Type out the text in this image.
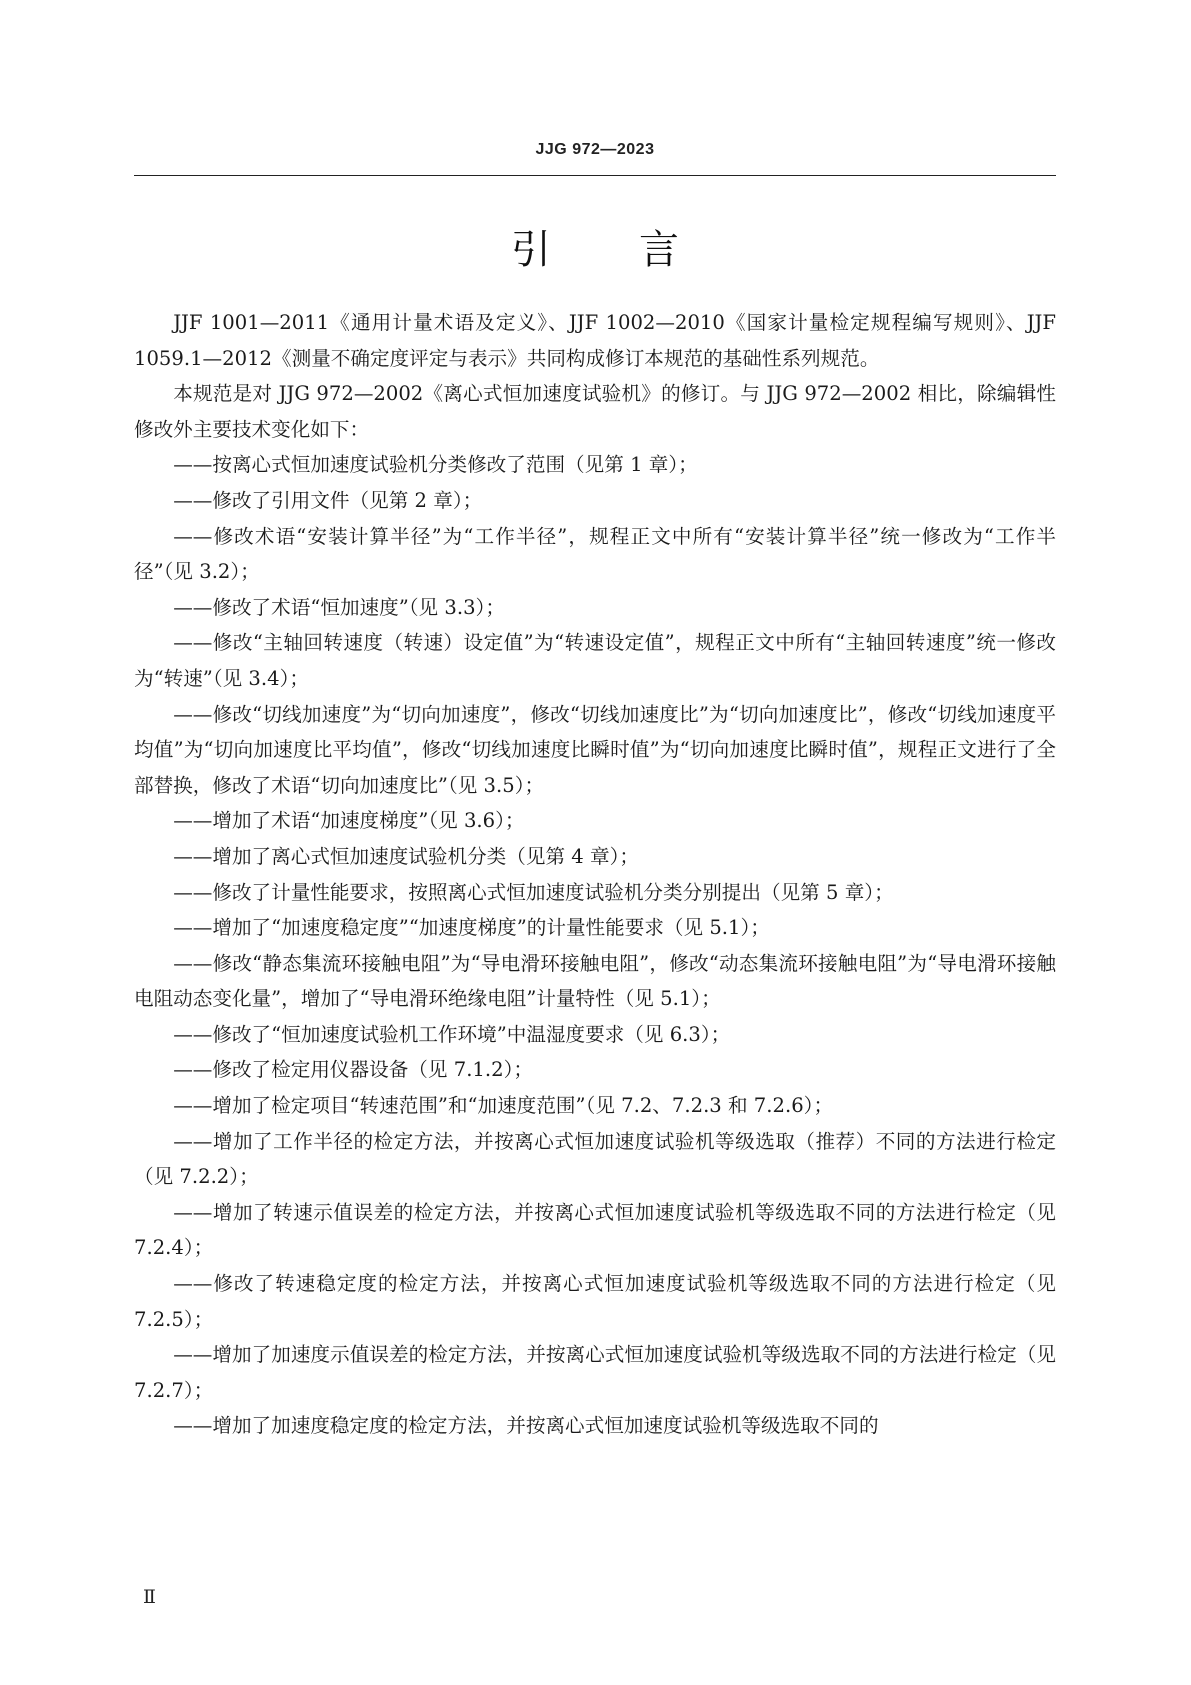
JJG 972—2023
引言

JJF 1001—2011《通用计量术语及定义》、JJF 1002—2010《国家计量检定规程编写规则》、JJF 1059.1—2012《测量不确定度评定与表示》共同构成修订本规范的基础性系列规范。

本规范是对 JJG 972—2002《离心式恒加速度试验机》的修订。与 JJG 972—2002 相比，除编辑性修改外主要技术变化如下：

——按离心式恒加速度试验机分类修改了范围（见第 1 章）；

——修改了引用文件（见第 2 章）；

——修改术语“安装计算半径”为“工作半径”，规程正文中所有“安装计算半径”统一修改为“工作半径”（见 3.2）；

——修改了术语“恒加速度”（见 3.3）；

——修改“主轴回转速度（转速）设定值”为“转速设定值”，规程正文中所有“主轴回转速度”统一修改为“转速”（见 3.4）；

——修改“切线加速度”为“切向加速度”，修改“切线加速度比”为“切向加速度比”，修改“切线加速度平均值”为“切向加速度比平均值”，修改“切线加速度比瞬时值”为“切向加速度比瞬时值”，规程正文进行了全部替换，修改了术语“切向加速度比”（见 3.5）；

——增加了术语“加速度梯度”（见 3.6）；

——增加了离心式恒加速度试验机分类（见第 4 章）；

——修改了计量性能要求，按照离心式恒加速度试验机分类分别提出（见第 5 章）；

——增加了“加速度稳定度”“加速度梯度”的计量性能要求（见 5.1）；

——修改“静态集流环接触电阻”为“导电滑环接触电阻”，修改“动态集流环接触电阻”为“导电滑环接触电阻动态变化量”，增加了“导电滑环绝缘电阻”计量特性（见 5.1）；

——修改了“恒加速度试验机工作环境”中温湿度要求（见 6.3）；

——修改了检定用仪器设备（见 7.1.2）；

——增加了检定项目“转速范围”和“加速度范围”（见 7.2、7.2.3 和 7.2.6）；

——增加了工作半径的检定方法，并按离心式恒加速度试验机等级选取（推荐）不同的方法进行检定（见 7.2.2）；

——增加了转速示值误差的检定方法，并按离心式恒加速度试验机等级选取不同的方法进行检定（见 7.2.4）；

——修改了转速稳定度的检定方法，并按离心式恒加速度试验机等级选取不同的方法进行检定（见 7.2.5）；

——增加了加速度示值误差的检定方法，并按离心式恒加速度试验机等级选取不同的方法进行检定（见 7.2.7）；

——增加了加速度稳定度的检定方法，并按离心式恒加速度试验机等级选取不同的

Ⅱ
